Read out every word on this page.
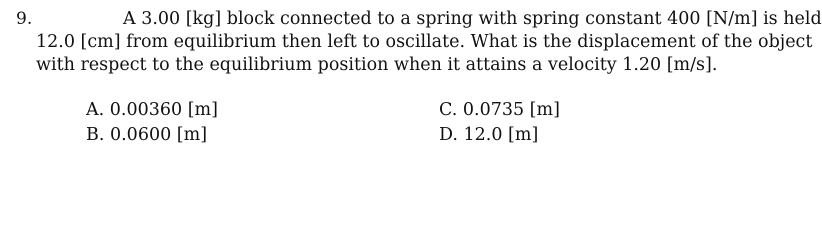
9.	A 3.00 [kg] block connected to a spring with spring constant 400 [N/m] is held
12.0 [cm] from equilibrium then left to oscillate. What is the displacement of the object
with respect to the equilibrium position when it attains a velocity 1.20 [m/s].
A. 0.00360 [m]
B. 0.0600 [m]
C. 0.0735 [m]
D. 12.0 [m]
